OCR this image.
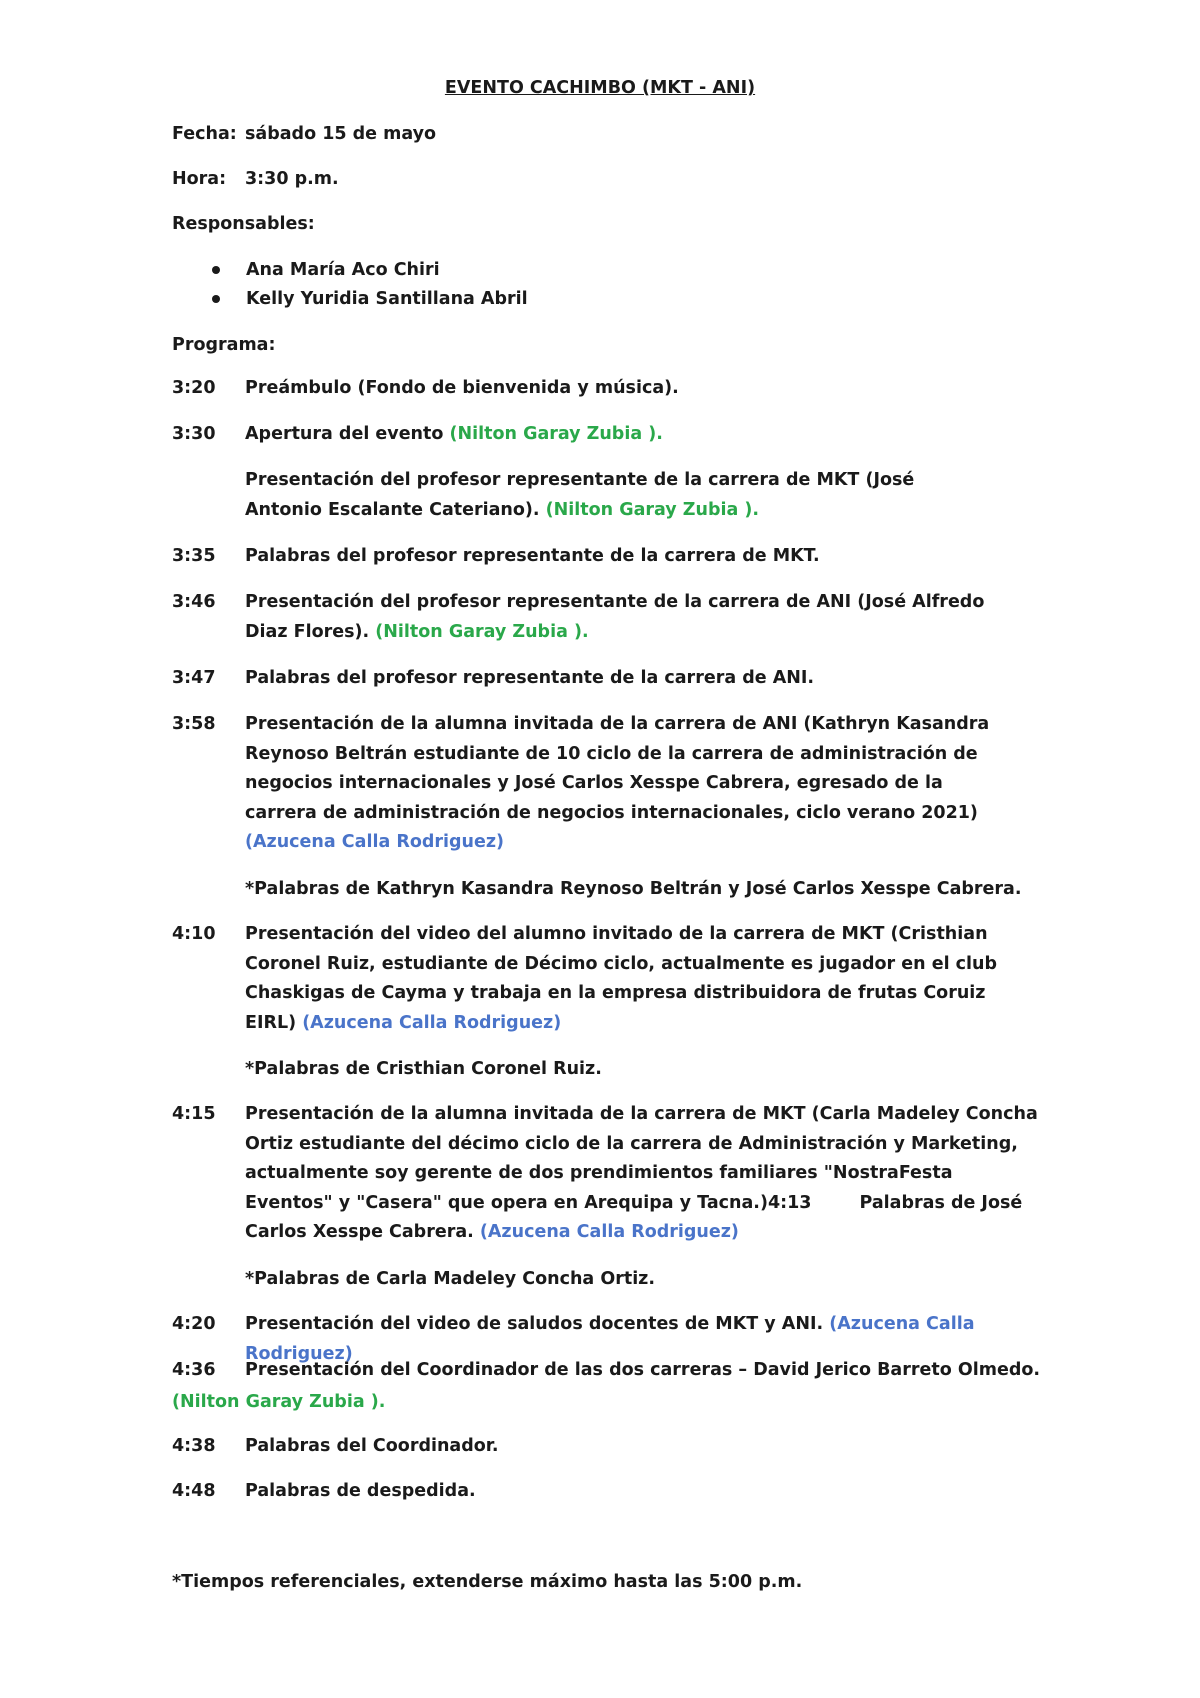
EVENTO CACHIMBO (MKT - ANI)
Fecha: sábado 15 de mayo
Hora: 3:30 p.m.
Responsables:
Ana María Aco Chiri
Kelly Yuridia Santillana Abril
Programa:
3:20 Preámbulo (Fondo de bienvenida y música).
3:30 Apertura del evento (Nilton Garay Zubia ).
Presentación del profesor representante de la carrera de MKT (José Antonio Escalante Cateriano). (Nilton Garay Zubia ).
3:35 Palabras del profesor representante de la carrera de MKT.
3:46 Presentación del profesor representante de la carrera de ANI (José Alfredo Diaz Flores). (Nilton Garay Zubia ).
3:47 Palabras del profesor representante de la carrera de ANI.
3:58 Presentación de la alumna invitada de la carrera de ANI (Kathryn Kasandra Reynoso Beltrán estudiante de 10 ciclo de la carrera de administración de negocios internacionales y José Carlos Xesspe Cabrera, egresado de la carrera de administración de negocios internacionales, ciclo verano 2021) (Azucena Calla Rodriguez)
*Palabras de Kathryn Kasandra Reynoso Beltrán y José Carlos Xesspe Cabrera.
4:10 Presentación del video del alumno invitado de la carrera de MKT (Cristhian Coronel Ruiz, estudiante de Décimo ciclo, actualmente es jugador en el club Chaskigas de Cayma y trabaja en la empresa distribuidora de frutas Coruiz EIRL) (Azucena Calla Rodriguez)
*Palabras de Cristhian Coronel Ruiz.
4:15 Presentación de la alumna invitada de la carrera de MKT (Carla Madeley Concha Ortiz estudiante del décimo ciclo de la carrera de Administración y Marketing, actualmente soy gerente de dos prendimientos familiares "NostraFesta Eventos" y "Casera" que opera en Arequipa y Tacna.)4:13	Palabras de José Carlos Xesspe Cabrera. (Azucena Calla Rodriguez)
*Palabras de Carla Madeley Concha Ortiz.
4:20 Presentación del video de saludos docentes de MKT y ANI. (Azucena Calla Rodriguez)
4:36 Presentación del Coordinador de las dos carreras – David Jerico Barreto Olmedo.
(Nilton Garay Zubia ).
4:38 Palabras del Coordinador.
4:48 Palabras de despedida.
*Tiempos referenciales, extenderse máximo hasta las 5:00 p.m.
